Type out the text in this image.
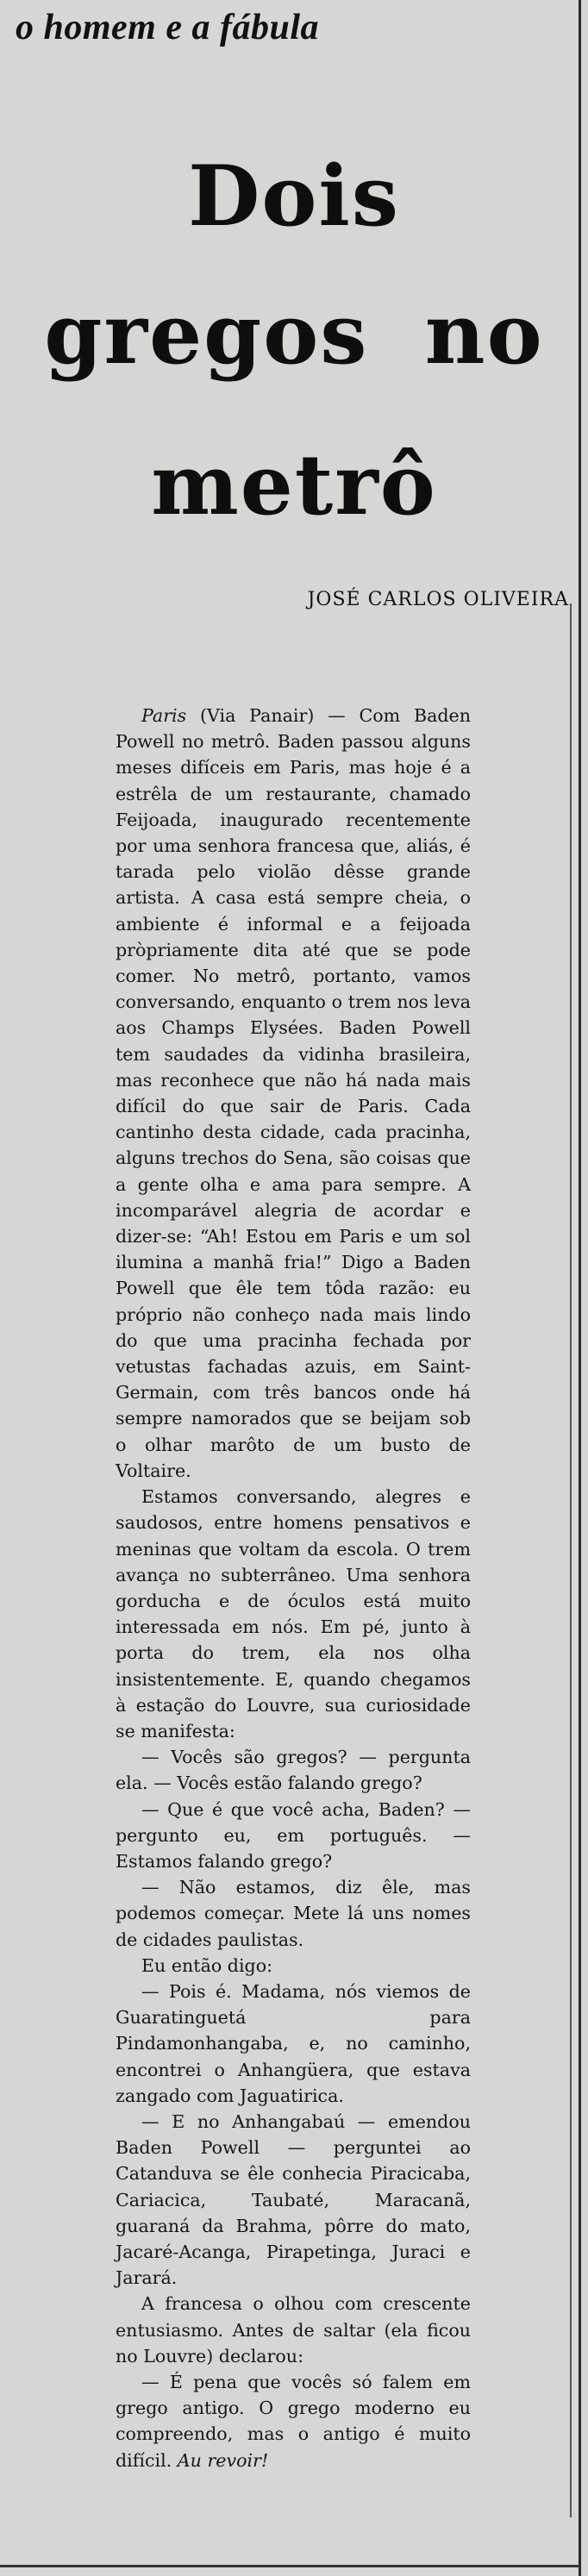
o homem e a fábula
Dois
gregos no
metrô
JOSÉ CARLOS OLIVEIRA

Paris (Via Panair) — Com Baden Powell no metrô. Baden passou alguns meses difíceis em Paris, mas hoje é a estrêla de um restaurante, chamado Feijoada, inaugurado recentemente por uma senhora francesa que, aliás, é tarada pelo violão dêsse grande artista. A casa está sempre cheia, o ambiente é informal e a feijoada pròpriamente dita até que se pode comer. No metrô, portanto, vamos conversando, enquanto o trem nos leva aos Champs Elysées. Baden Powell tem saudades da vidinha brasileira, mas reconhece que não há nada mais difícil do que sair de Paris. Cada cantinho desta cidade, cada pracinha, alguns trechos do Sena, são coisas que a gente olha e ama para sempre. A incomparável alegria de acordar e dizer-se: “Ah! Estou em Paris e um sol ilumina a manhã fria!” Digo a Baden Powell que êle tem tôda razão: eu próprio não conheço nada mais lindo do que uma pracinha fechada por vetustas fachadas azuis, em Saint-Germain, com três bancos onde há sempre namorados que se beijam sob o olhar marôto de um busto de Voltaire.

Estamos conversando, alegres e saudosos, entre homens pensativos e meninas que voltam da escola. O trem avança no subterrâneo. Uma senhora gorducha e de óculos está muito interessada em nós. Em pé, junto à porta do trem, ela nos olha insistentemente. E, quando chegamos à estação do Louvre, sua curiosidade se manifesta:

— Vocês são gregos? — pergunta ela. — Vocês estão falando grego?

— Que é que você acha, Baden? — pergunto eu, em português. — Estamos falando grego?

— Não estamos, diz êle, mas podemos começar. Mete lá uns nomes de cidades paulistas.

Eu então digo:

— Pois é. Madama, nós viemos de Guaratinguetá para Pindamonhangaba, e, no caminho, encontrei o Anhangüera, que estava zangado com Jaguatirica.

— E no Anhangabaú — emendou Baden Powell — perguntei ao Catanduva se êle conhecia Piracicaba, Cariacica, Taubaté, Maracanã, guaraná da Brahma, pôrre do mato, Jacaré-Acanga, Pirapetinga, Juraci e Jarará.

A francesa o olhou com crescente entusiasmo. Antes de saltar (ela ficou no Louvre) declarou:

— É pena que vocês só falem em grego antigo. O grego moderno eu compreendo, mas o antigo é muito difícil. Au revoir!
